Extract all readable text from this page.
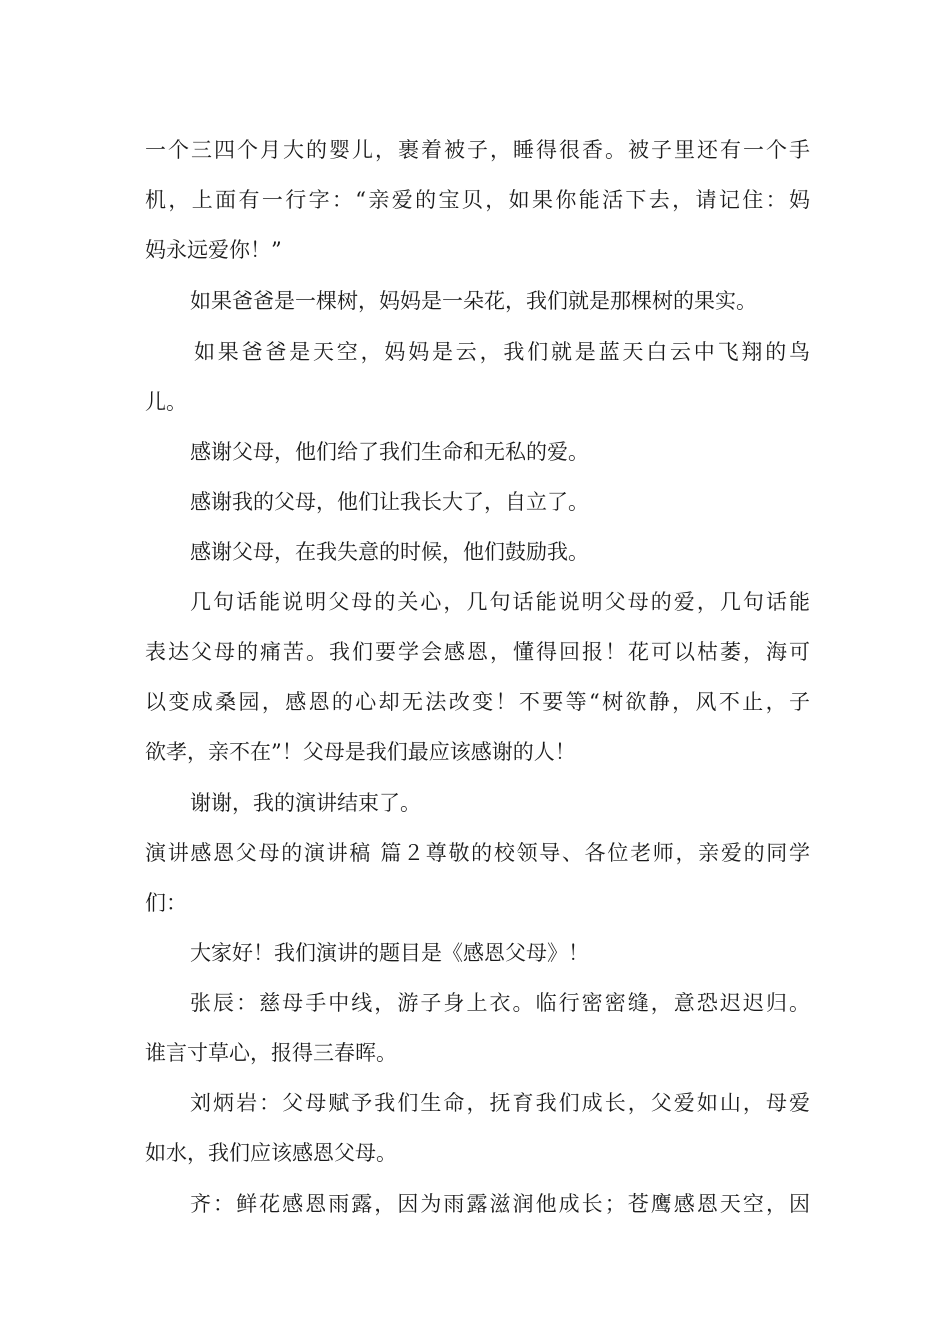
一个三四个月大的婴儿，裹着被子，睡得很香。被子里还有一个手
机，上面有一行字：“亲爱的宝贝，如果你能活下去，请记住：妈
妈永远爱你！”
如果爸爸是一棵树，妈妈是一朵花，我们就是那棵树的果实。
如果爸爸是天空，妈妈是云，我们就是蓝天白云中飞翔的鸟
儿。
感谢父母，他们给了我们生命和无私的爱。
感谢我的父母，他们让我长大了，自立了。
感谢父母，在我失意的时候，他们鼓励我。
几句话能说明父母的关心，几句话能说明父母的爱，几句话能
表达父母的痛苦。我们要学会感恩，懂得回报！花可以枯萎，海可
以变成桑园，感恩的心却无法改变！不要等“树欲静，风不止，子
欲孝，亲不在”！父母是我们最应该感谢的人！
谢谢，我的演讲结束了。
演讲感恩父母的演讲稿 篇２尊敬的校领导、各位老师，亲爱的同学
们：
大家好！我们演讲的题目是《感恩父母》！
张辰：慈母手中线，游子身上衣。临行密密缝，意恐迟迟归。
谁言寸草心，报得三春晖。
刘炳岩：父母赋予我们生命，抚育我们成长，父爱如山，母爱
如水，我们应该感恩父母。
齐：鲜花感恩雨露，因为雨露滋润他成长；苍鹰感恩天空，因
